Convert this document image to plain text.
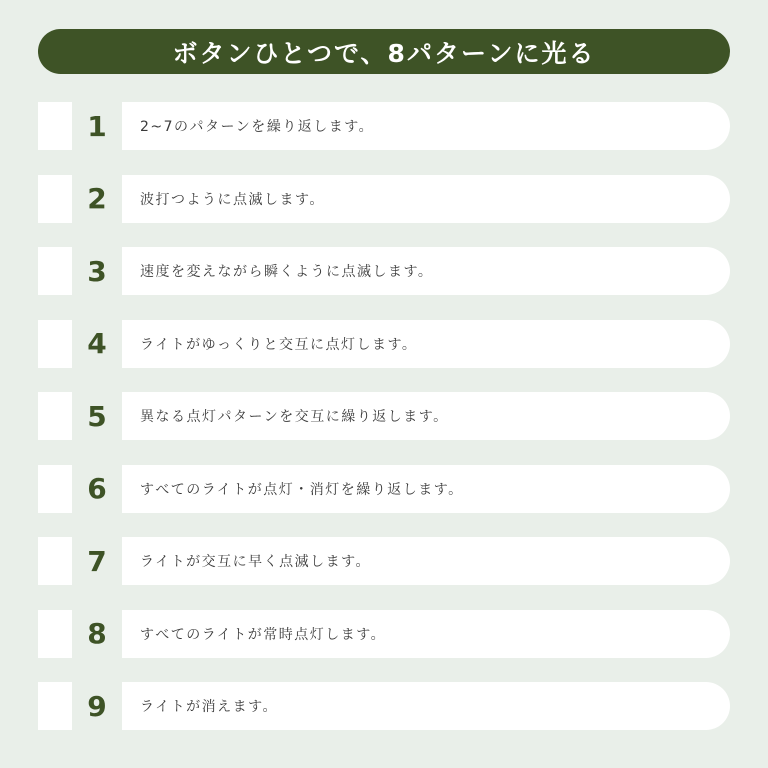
ボタンひとつで、8パターンに光る
1	2~7のパターンを繰り返します。
2	波打つように点滅します。
3	速度を変えながら瞬くように点滅します。
4	ライトがゆっくりと交互に点灯します。
5	異なる点灯パターンを交互に繰り返します。
6	すべてのライトが点灯・消灯を繰り返します。
7	ライトが交互に早く点滅します。
8	すべてのライトが常時点灯します。
9	ライトが消えます。
